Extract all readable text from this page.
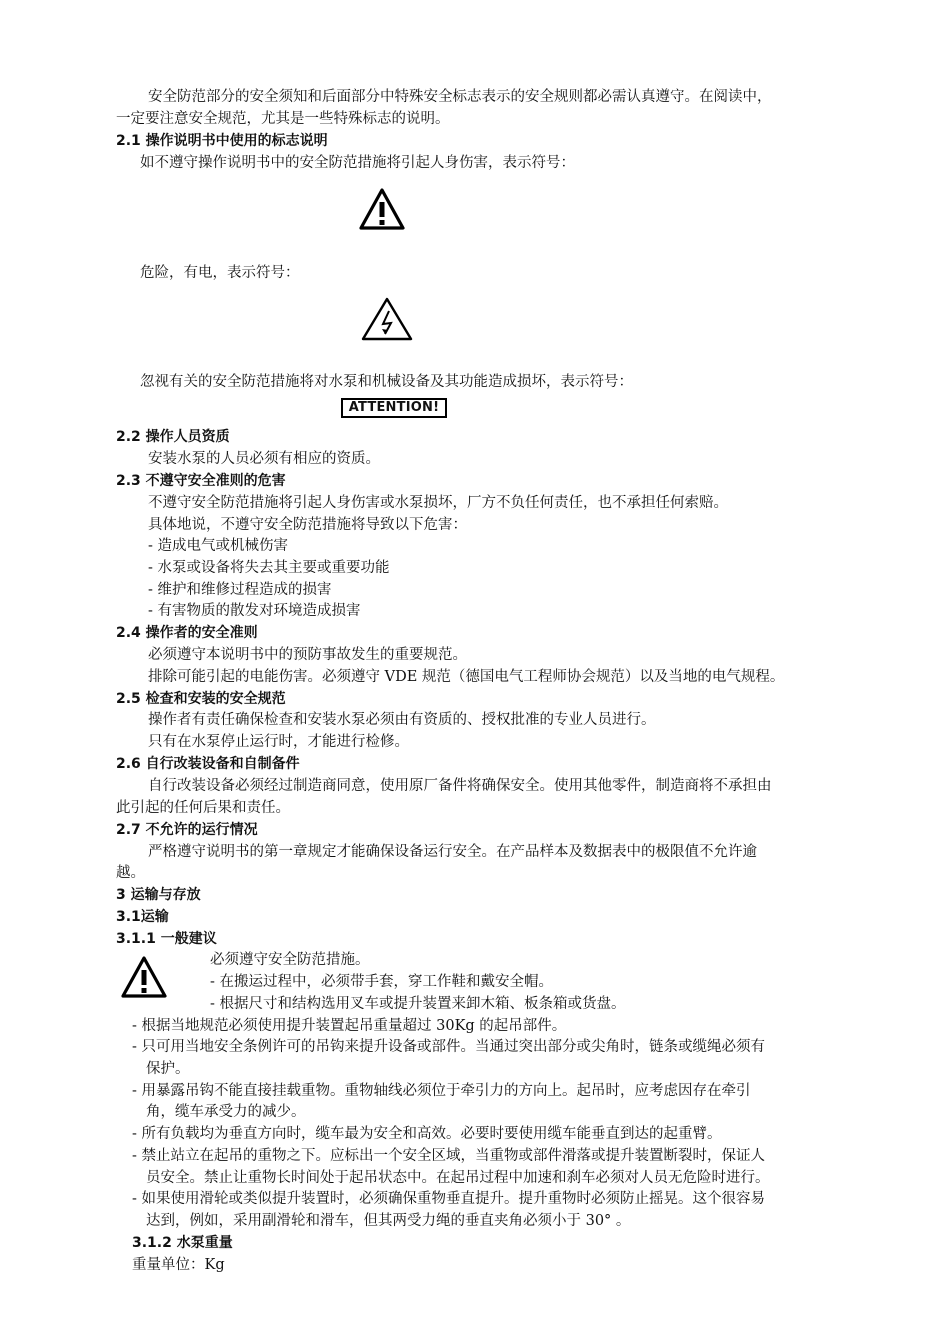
安全防范部分的安全须知和后面部分中特殊安全标志表示的安全规则都必需认真遵守。在阅读中，
一定要注意安全规范，尤其是一些特殊标志的说明。
2.1 操作说明书中使用的标志说明
如不遵守操作说明书中的安全防范措施将引起人身伤害，表示符号：
危险，有电，表示符号：
忽视有关的安全防范措施将对水泵和机械设备及其功能造成损坏，表示符号：
ATTENTION!
2.2 操作人员资质
安装水泵的人员必须有相应的资质。
2.3 不遵守安全准则的危害
不遵守安全防范措施将引起人身伤害或水泵损坏，厂方不负任何责任，也不承担任何索赔。
具体地说，不遵守安全防范措施将导致以下危害：
- 造成电气或机械伤害
- 水泵或设备将失去其主要或重要功能
- 维护和维修过程造成的损害
- 有害物质的散发对环境造成损害
2.4 操作者的安全准则
必须遵守本说明书中的预防事故发生的重要规范。
排除可能引起的电能伤害。必须遵守 VDE 规范（德国电气工程师协会规范）以及当地的电气规程。
2.5 检查和安装的安全规范
操作者有责任确保检查和安装水泵必须由有资质的、授权批准的专业人员进行。
只有在水泵停止运行时，才能进行检修。
2.6 自行改装设备和自制备件
自行改装设备必须经过制造商同意，使用原厂备件将确保安全。使用其他零件，制造商将不承担由
此引起的任何后果和责任。
2.7 不允许的运行情况
严格遵守说明书的第一章规定才能确保设备运行安全。在产品样本及数据表中的极限值不允许逾
越。
3 运输与存放
3.1运输
3.1.1 一般建议
必须遵守安全防范措施。
- 在搬运过程中，必须带手套，穿工作鞋和戴安全帽。
- 根据尺寸和结构选用叉车或提升装置来卸木箱、板条箱或货盘。
- 根据当地规范必须使用提升装置起吊重量超过 30Kg 的起吊部件。
- 只可用当地安全条例许可的吊钩来提升设备或部件。当通过突出部分或尖角时，链条或缆绳必须有
保护。
- 用暴露吊钩不能直接挂载重物。重物轴线必须位于牵引力的方向上。起吊时，应考虑因存在牵引
角，缆车承受力的减少。
- 所有负载均为垂直方向时，缆车最为安全和高效。必要时要使用缆车能垂直到达的起重臂。
- 禁止站立在起吊的重物之下。应标出一个安全区域，当重物或部件滑落或提升装置断裂时，保证人
员安全。禁止让重物长时间处于起吊状态中。在起吊过程中加速和刹车必须对人员无危险时进行。
- 如果使用滑轮或类似提升装置时，必须确保重物垂直提升。提升重物时必须防止摇晃。这个很容易
达到，例如，采用副滑轮和滑车，但其两受力绳的垂直夹角必须小于 30° 。
3.1.2 水泵重量
重量单位：Kg
